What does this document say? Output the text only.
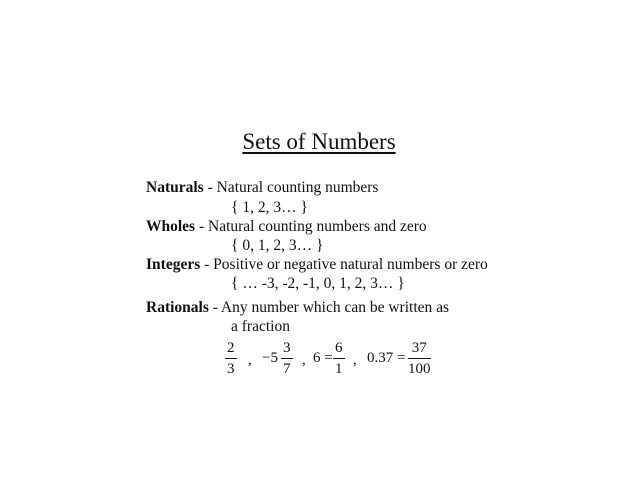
Sets of Numbers
Naturals - Natural counting numbers
{ 1, 2, 3… }
Wholes - Natural counting numbers and zero
{ 0, 1, 2, 3… }
Integers - Positive or negative natural numbers or zero
{ … -3, -2, -1, 0, 1, 2, 3… }
Rationals - Any number which can be written as
a fraction
2
3
, −5
3
7
, 6 =
6
1
, 0.37 =
37
100
